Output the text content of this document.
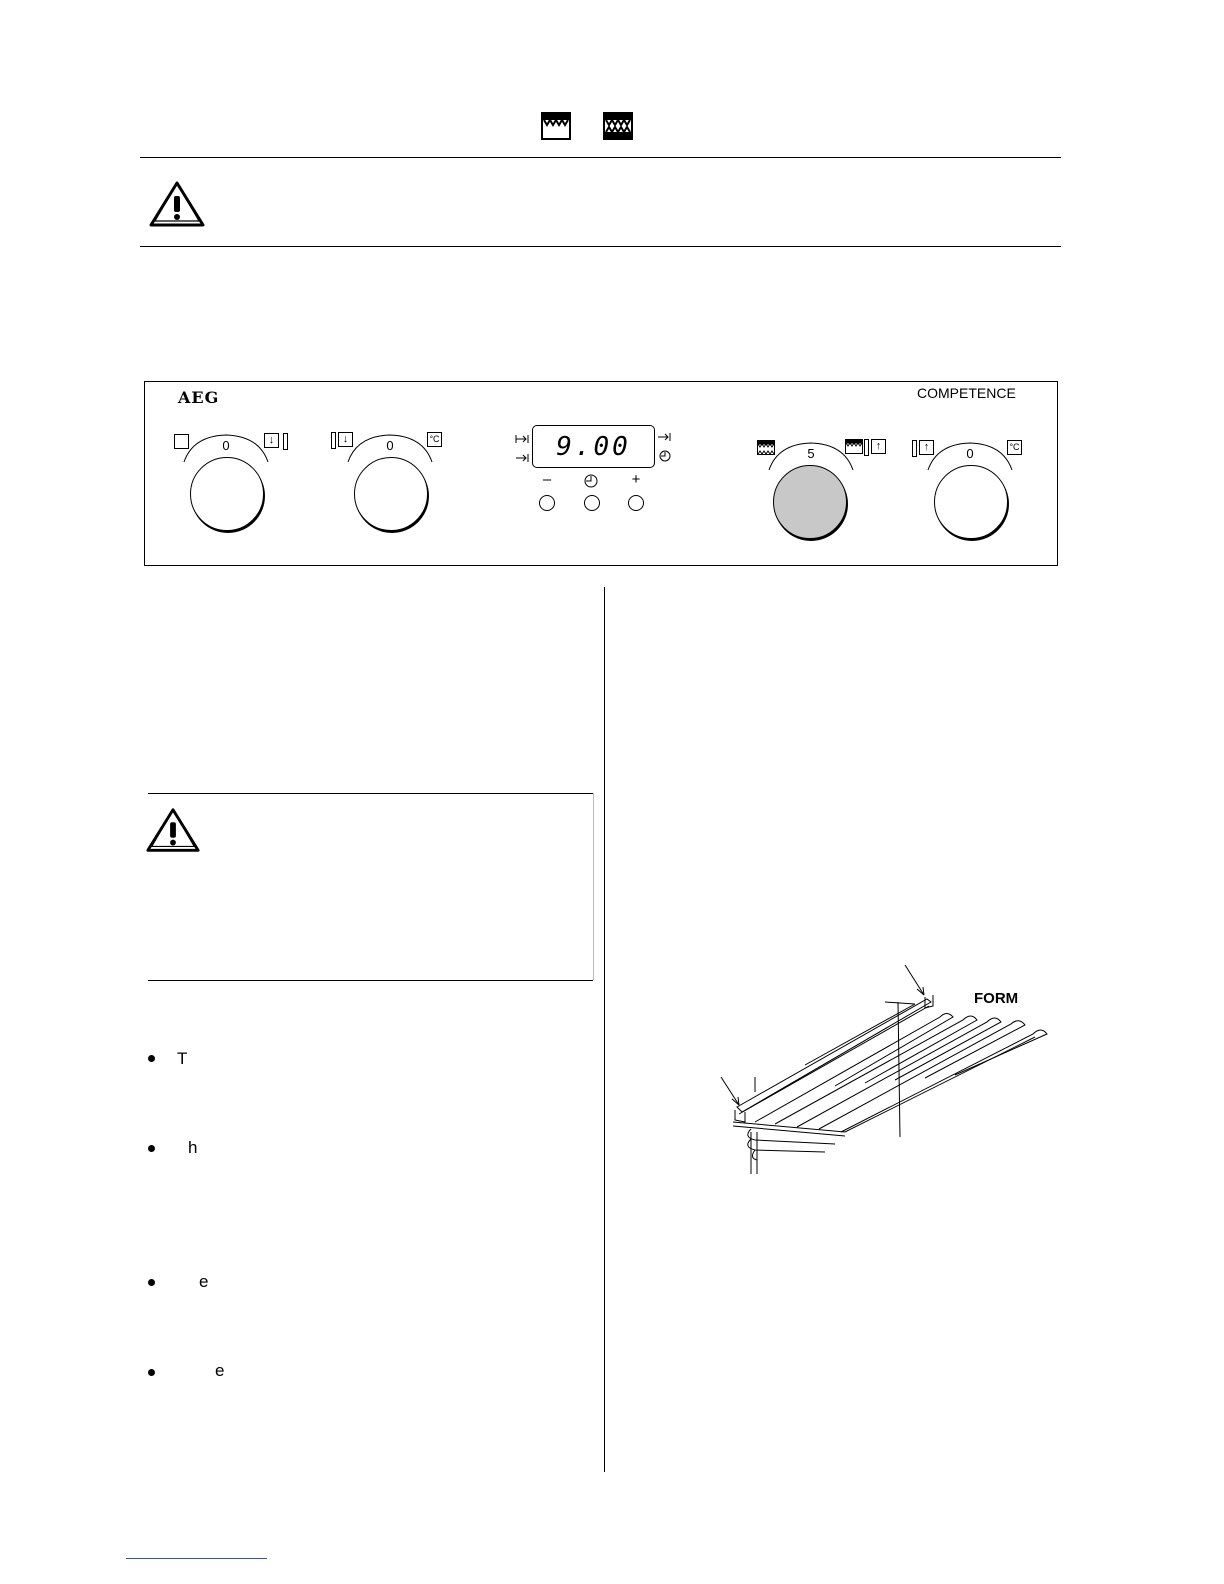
AEG	COMPETENCE
0	↓	↓	0	°C	9.00
–	+
5	↑	↑	0	°C
T
h
e
e
FORM
